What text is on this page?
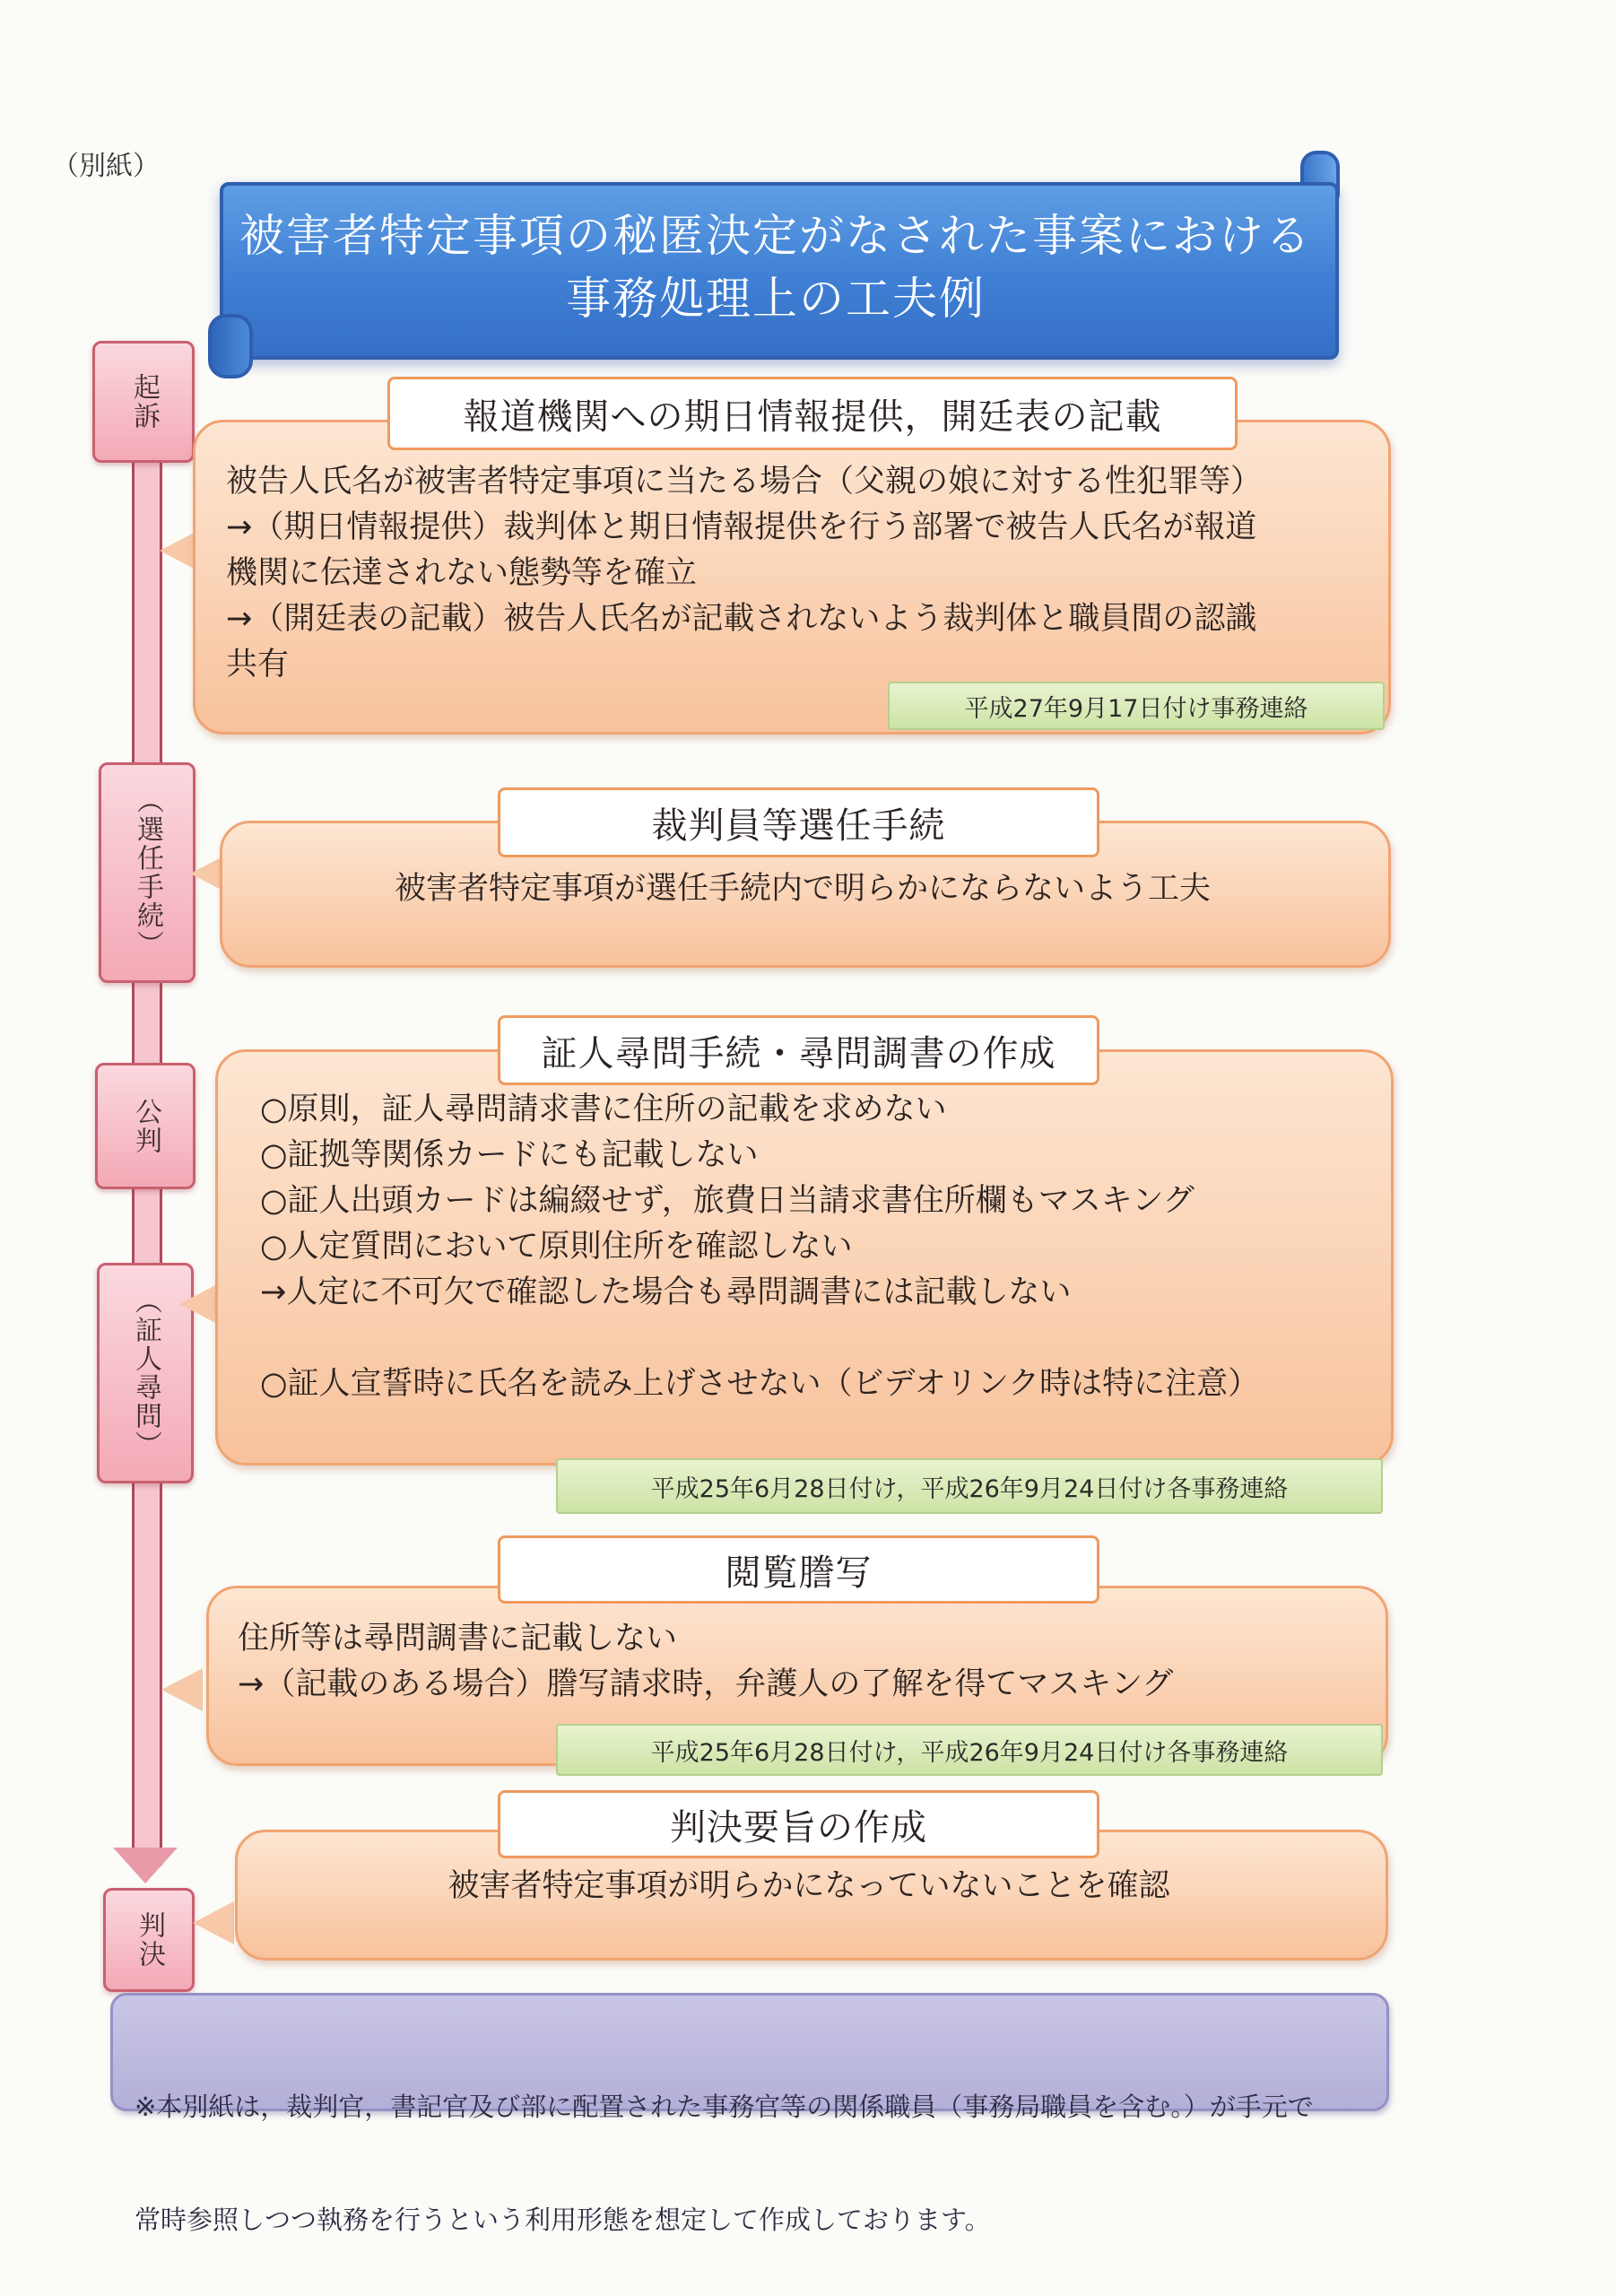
（別紙）
被害者特定事項の秘匿決定がなされた事案における
事務処理上の工夫例
起訴
（選任手続）
公判
（証人尋問）
判決
報道機関への期日情報提供，開廷表の記載
被告人氏名が被害者特定事項に当たる場合（父親の娘に対する性犯罪等）
→（期日情報提供）裁判体と期日情報提供を行う部署で被告人氏名が報道
機関に伝達されない態勢等を確立
→（開廷表の記載）被告人氏名が記載されないよう裁判体と職員間の認識
共有
平成27年9月17日付け事務連絡
裁判員等選任手続
被害者特定事項が選任手続内で明らかにならないよう工夫
証人尋問手続・尋問調書の作成
○原則，証人尋問請求書に住所の記載を求めない
○証拠等関係カードにも記載しない
○証人出頭カードは編綴せず，旅費日当請求書住所欄もマスキング
○人定質問において原則住所を確認しない
→人定に不可欠で確認した場合も尋問調書には記載しない
○証人宣誓時に氏名を読み上げさせない（ビデオリンク時は特に注意）
平成25年6月28日付け，平成26年9月24日付け各事務連絡
閲覧謄写
住所等は尋問調書に記載しない
→（記載のある場合）謄写請求時，弁護人の了解を得てマスキング
平成25年6月28日付け，平成26年9月24日付け各事務連絡
判決要旨の作成
被害者特定事項が明らかになっていないことを確認

※本別紙は，裁判官，書記官及び部に配置された事務官等の関係職員（事務局職員を含む。）が手元で

常時参照しつつ執務を行うという利用形態を想定して作成しております。
